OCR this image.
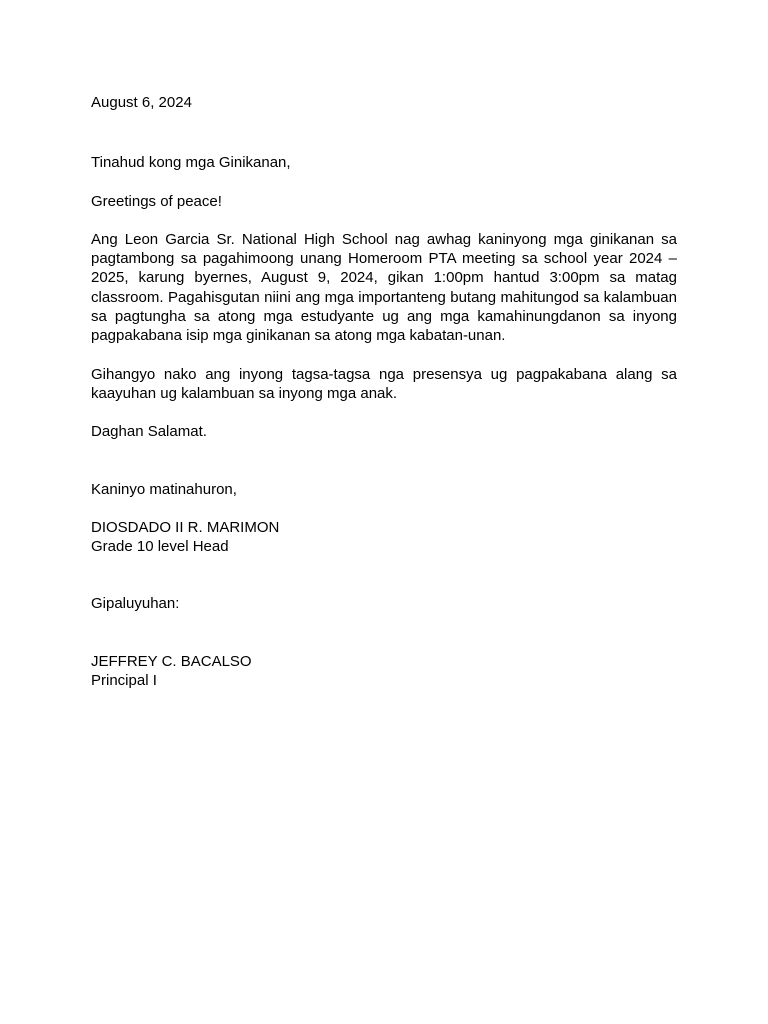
August 6, 2024

Tinahud kong mga Ginikanan,

Greetings of peace!

Ang Leon Garcia Sr. National High School nag awhag kaninyong mga ginikanan sa pagtambong sa pagahimoong unang Homeroom PTA meeting sa school year 2024 – 2025, karung byernes, August 9, 2024, gikan 1:00pm hantud 3:00pm sa matag classroom. Pagahisgutan niini ang mga importanteng butang mahitungod sa kalambuan sa pagtungha sa atong mga estudyante ug ang mga kamahinungdanon sa inyong pagpakabana isip mga ginikanan sa atong mga kabatan-unan.

Gihangyo nako ang inyong tagsa-tagsa nga presensya ug pagpakabana alang sa kaayuhan ug kalambuan sa inyong mga anak.

Daghan Salamat.

Kaninyo matinahuron,

DIOSDADO II R. MARIMON
Grade 10 level Head

Gipaluyuhan:

JEFFREY C. BACALSO
Principal I
